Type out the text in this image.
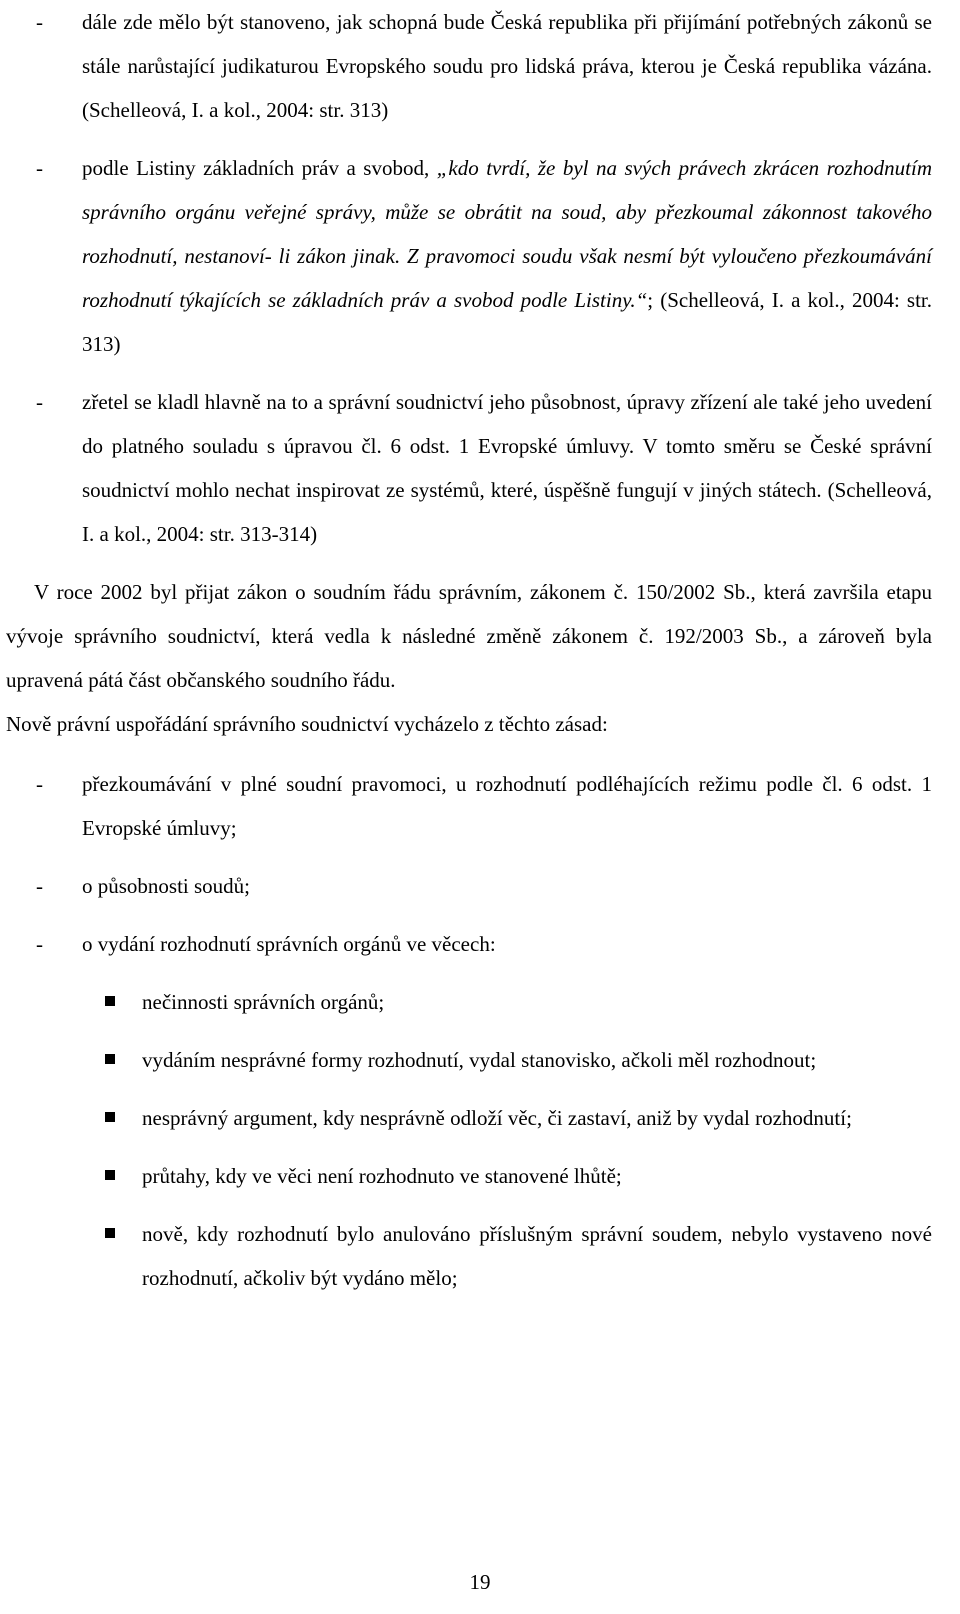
- dále zde mělo být stanoveno, jak schopná bude Česká republika při přijímání potřebných zákonů se stále narůstající judikaturou Evropského soudu pro lidská práva, kterou je Česká republika vázána. (Schelleová, I. a kol., 2004: str. 313)
- podle Listiny základních práv a svobod, „kdo tvrdí, že byl na svých právech zkrácen rozhodnutím správního orgánu veřejné správy, může se obrátit na soud, aby přezkoumal zákonnost takového rozhodnutí, nestanoví- li zákon jinak. Z pravomoci soudu však nesmí být vyloučeno přezkoumávání rozhodnutí týkajících se základních práv a svobod podle Listiny.“; (Schelleová, I. a kol., 2004: str. 313)
- zřetel se kladl hlavně na to a správní soudnictví jeho působnost, úpravy zřízení ale také jeho uvedení do platného souladu s úpravou čl. 6 odst. 1 Evropské úmluvy. V tomto směru se České správní soudnictví mohlo nechat inspirovat ze systémů, které, úspěšně fungují v jiných státech. (Schelleová, I. a kol., 2004: str. 313-314)
V roce 2002 byl přijat zákon o soudním řádu správním, zákonem č. 150/2002 Sb., která završila etapu vývoje správního soudnictví, která vedla k následné změně zákonem č. 192/2003 Sb., a zároveň byla upravená pátá část občanského soudního řádu.
Nově právní uspořádání správního soudnictví vycházelo z těchto zásad:
- přezkoumávání v plné soudní pravomoci, u rozhodnutí podléhajících režimu podle čl. 6 odst. 1 Evropské úmluvy;
- o působnosti soudů;
- o vydání rozhodnutí správních orgánů ve věcech:
nečinnosti správních orgánů;
vydáním nesprávné formy rozhodnutí, vydal stanovisko, ačkoli měl rozhodnout;
nesprávný argument, kdy nesprávně odloží věc, či zastaví, aniž by vydal rozhodnutí;
průtahy, kdy ve věci není rozhodnuto ve stanovené lhůtě;
nově, kdy rozhodnutí bylo anulováno příslušným správní soudem, nebylo vystaveno nové rozhodnutí, ačkoliv být vydáno mělo;
19
